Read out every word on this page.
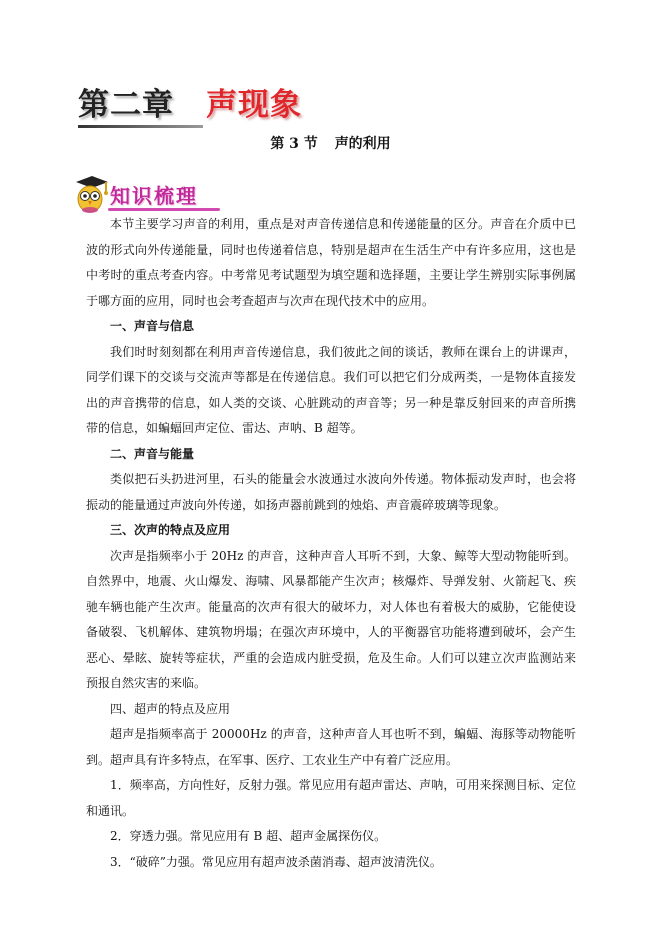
第二章 声现象
第 3 节 声的利用
知识梳理

本节主要学习声音的利用，重点是对声音传递信息和传递能量的区分。声音在介质中已波的形式向外传递能量，同时也传递着信息，特别是超声在生活生产中有许多应用，这也是中考时的重点考查内容。中考常见考试题型为填空题和选择题，主要让学生辨别实际事例属于哪方面的应用，同时也会考查超声与次声在现代技术中的应用。

一、声音与信息

我们时时刻刻都在利用声音传递信息，我们彼此之间的谈话，教师在课台上的讲课声，同学们课下的交谈与交流声等都是在传递信息。我们可以把它们分成两类，一是物体直接发出的声音携带的信息，如人类的交谈、心脏跳动的声音等；另一种是靠反射回来的声音所携带的信息，如蝙蝠回声定位、雷达、声呐、B 超等。

二、声音与能量

类似把石头扔进河里，石头的能量会水波通过水波向外传递。物体振动发声时，也会将振动的能量通过声波向外传递，如扬声器前跳到的烛焰、声音震碎玻璃等现象。

三、次声的特点及应用

次声是指频率小于 20Hz 的声音，这种声音人耳听不到，大象、鲸等大型动物能听到。自然界中，地震、火山爆发、海啸、风暴都能产生次声；核爆炸、导弹发射、火箭起飞、疾驰车辆也能产生次声。能量高的次声有很大的破坏力，对人体也有着极大的威胁，它能使设备破裂、飞机解体、建筑物坍塌；在强次声环境中，人的平衡器官功能将遭到破坏，会产生恶心、晕眩、旋转等症状，严重的会造成内脏受损，危及生命。人们可以建立次声监测站来预报自然灾害的来临。

四、超声的特点及应用

超声是指频率高于 20000Hz 的声音，这种声音人耳也听不到，蝙蝠、海豚等动物能听到。超声具有许多特点，在军事、医疗、工农业生产中有着广泛应用。

1．频率高，方向性好，反射力强。常见应用有超声雷达、声呐，可用来探测目标、定位和通讯。

2．穿透力强。常见应用有 B 超、超声金属探伤仪。

3．“破碎”力强。常见应用有超声波杀菌消毒、超声波清洗仪。
